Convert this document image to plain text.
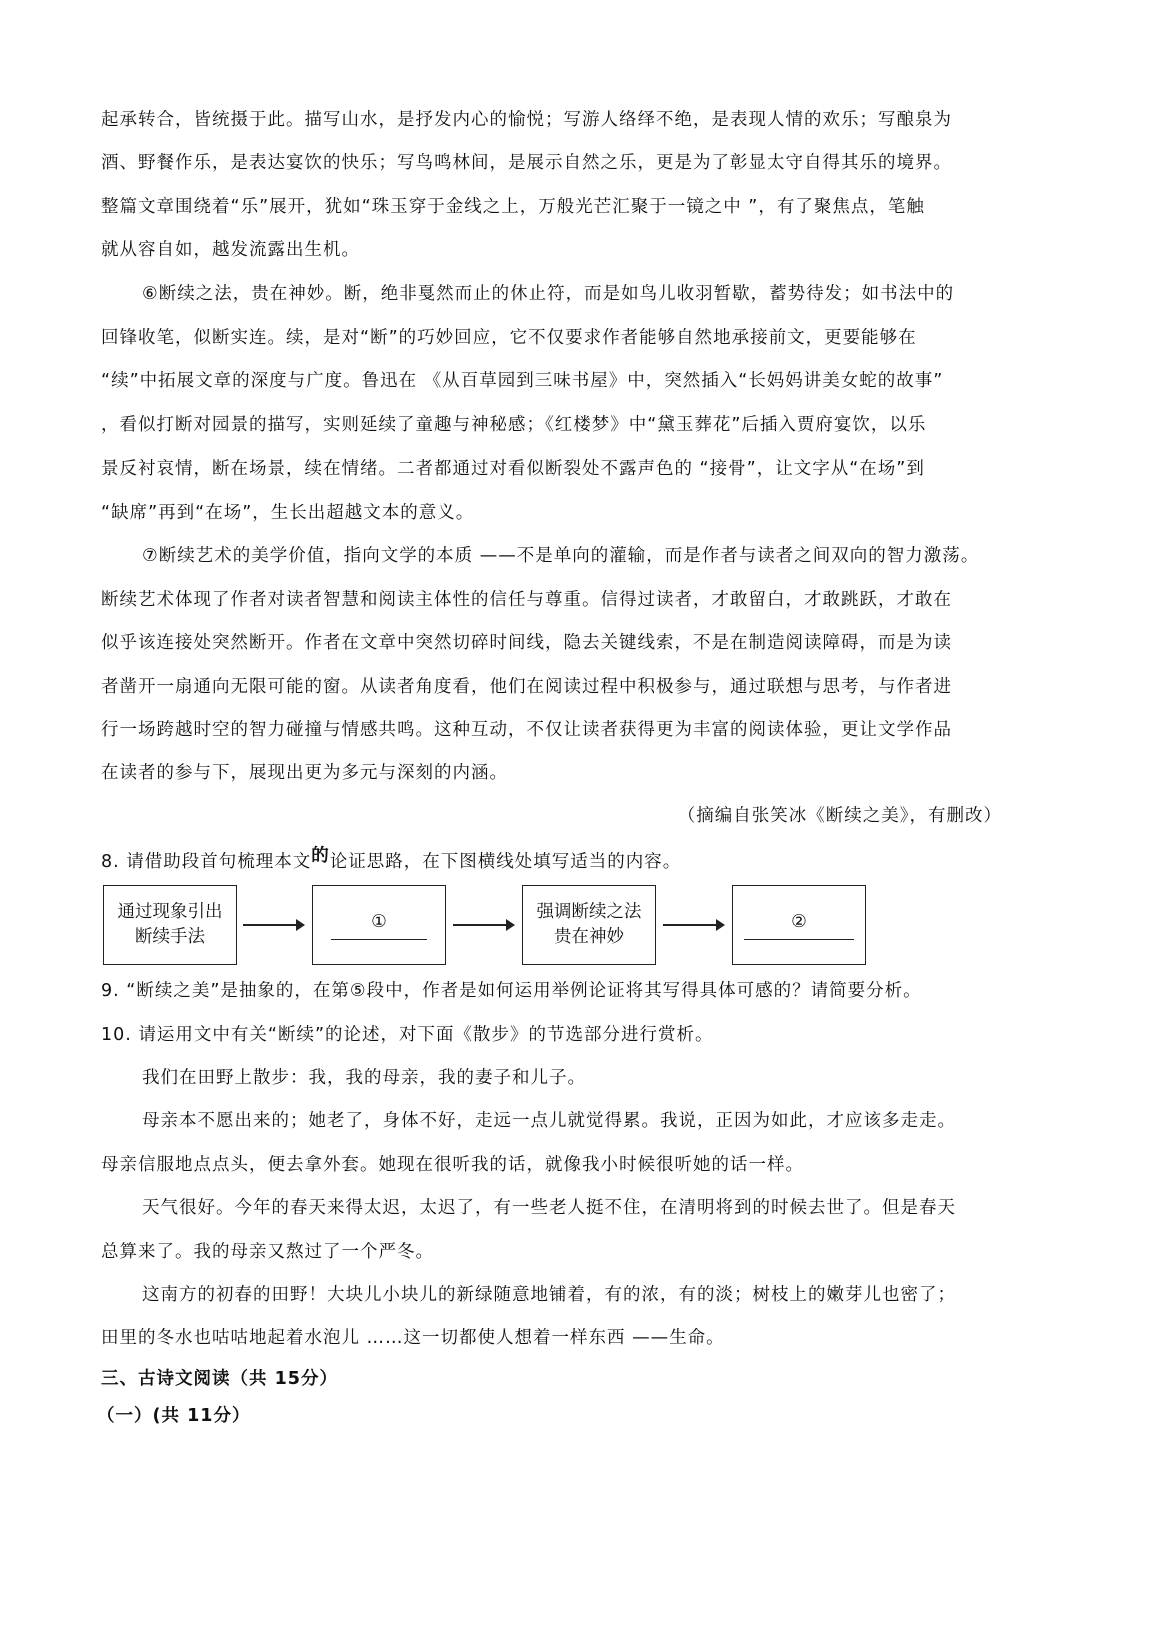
起承转合，皆统摄于此。描写山水，是抒发内心的愉悦；写游人络绎不绝，是表现人情的欢乐；写酿泉为
酒、野餐作乐，是表达宴饮的快乐；写鸟鸣林间，是展示自然之乐，更是为了彰显太守自得其乐的境界。
整篇文章围绕着“乐”展开，犹如“珠玉穿于金线之上，万般光芒汇聚于一镜之中 ”，有了聚焦点，笔触
就从容自如，越发流露出生机。
⑥断续之法，贵在神妙。断，绝非戛然而止的休止符，而是如鸟儿收羽暂歇，蓄势待发；如书法中的
回锋收笔，似断实连。续，是对“断”的巧妙回应，它不仅要求作者能够自然地承接前文，更要能够在
“续”中拓展文章的深度与广度。鲁迅在 《从百草园到三味书屋》中，突然插入“长妈妈讲美女蛇的故事”
，看似打断对园景的描写，实则延续了童趣与神秘感；《红楼梦》中“黛玉葬花”后插入贾府宴饮，以乐
景反衬哀情，断在场景，续在情绪。二者都通过对看似断裂处不露声色的 “接骨”，让文字从“在场”到
“缺席”再到“在场”，生长出超越文本的意义。
⑦断续艺术的美学价值，指向文学的本质 ——不是单向的灌输，而是作者与读者之间双向的智力激荡。
断续艺术体现了作者对读者智慧和阅读主体性的信任与尊重。信得过读者，才敢留白，才敢跳跃，才敢在
似乎该连接处突然断开。作者在文章中突然切碎时间线，隐去关键线索，不是在制造阅读障碍，而是为读
者凿开一扇通向无限可能的窗。从读者角度看，他们在阅读过程中积极参与，通过联想与思考，与作者进
行一场跨越时空的智力碰撞与情感共鸣。这种互动，不仅让读者获得更为丰富的阅读体验，更让文学作品
在读者的参与下，展现出更为多元与深刻的内涵。
（摘编自张笑冰《断续之美》，有删改）
8. 请借助段首句梳理本文的论证思路，在下图横线处填写适当的内容。
通过现象引出
断续手法
①	强调断续之法
贵在神妙
②
9. “断续之美”是抽象的，在第⑤段中，作者是如何运用举例论证将其写得具体可感的？请简要分析。
10. 请运用文中有关“断续”的论述，对下面《散步》的节选部分进行赏析。
我们在田野上散步：我，我的母亲，我的妻子和儿子。
母亲本不愿出来的；她老了，身体不好，走远一点儿就觉得累。我说，正因为如此，才应该多走走。
母亲信服地点点头，便去拿外套。她现在很听我的话，就像我小时候很听她的话一样。
天气很好。今年的春天来得太迟，太迟了，有一些老人挺不住，在清明将到的时候去世了。但是春天
总算来了。我的母亲又熬过了一个严冬。
这南方的初春的田野！大块儿小块儿的新绿随意地铺着，有的浓，有的淡；树枝上的嫩芽儿也密了；
田里的冬水也咕咕地起着水泡儿 ……这一切都使人想着一样东西 ——生命。
三、古诗文阅读（共 15分）
（一）(共 11分）
